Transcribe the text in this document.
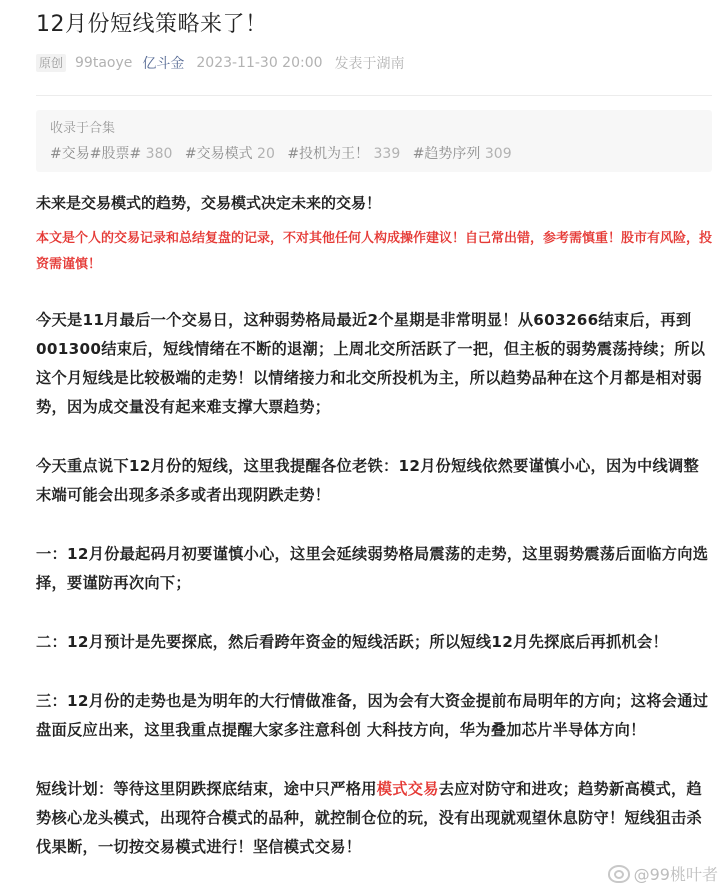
12月份短线策略来了！
原创 99taoye 亿斗金 2023-11-30 20:00 发表于湖南
收录于合集
#交易#股票# 380 #交易模式 20 #投机为王！ 339 #趋势序列 309

未来是交易模式的趋势，交易模式决定未来的交易！

本文是个人的交易记录和总结复盘的记录，不对其他任何人构成操作建议！自己常出错，参考需慎重！股市有风险，投资需谨慎！

今天是11月最后一个交易日，这种弱势格局最近2个星期是非常明显！从603266结束后，再到001300结束后，短线情绪在不断的退潮；上周北交所活跃了一把，但主板的弱势震荡持续；所以这个月短线是比较极端的走势！以情绪接力和北交所投机为主，所以趋势品种在这个月都是相对弱势，因为成交量没有起来难支撑大票趋势；

今天重点说下12月份的短线，这里我提醒各位老铁：12月份短线依然要谨慎小心，因为中线调整末端可能会出现多杀多或者出现阴跌走势！

一：12月份最起码月初要谨慎小心，这里会延续弱势格局震荡的走势，这里弱势震荡后面临方向选择，要谨防再次向下；

二：12月预计是先要探底，然后看跨年资金的短线活跃；所以短线12月先探底后再抓机会！

三：12月份的走势也是为明年的大行情做准备，因为会有大资金提前布局明年的方向；这将会通过盘面反应出来，这里我重点提醒大家多注意科创 大科技方向，华为叠加芯片半导体方向！

短线计划：等待这里阴跌探底结束，途中只严格用模式交易去应对防守和进攻；趋势新高模式，趋势核心龙头模式，出现符合模式的品种，就控制仓位的玩，没有出现就观望休息防守！短线狙击杀伐果断，一切按交易模式进行！坚信模式交易！

@99桃叶者
